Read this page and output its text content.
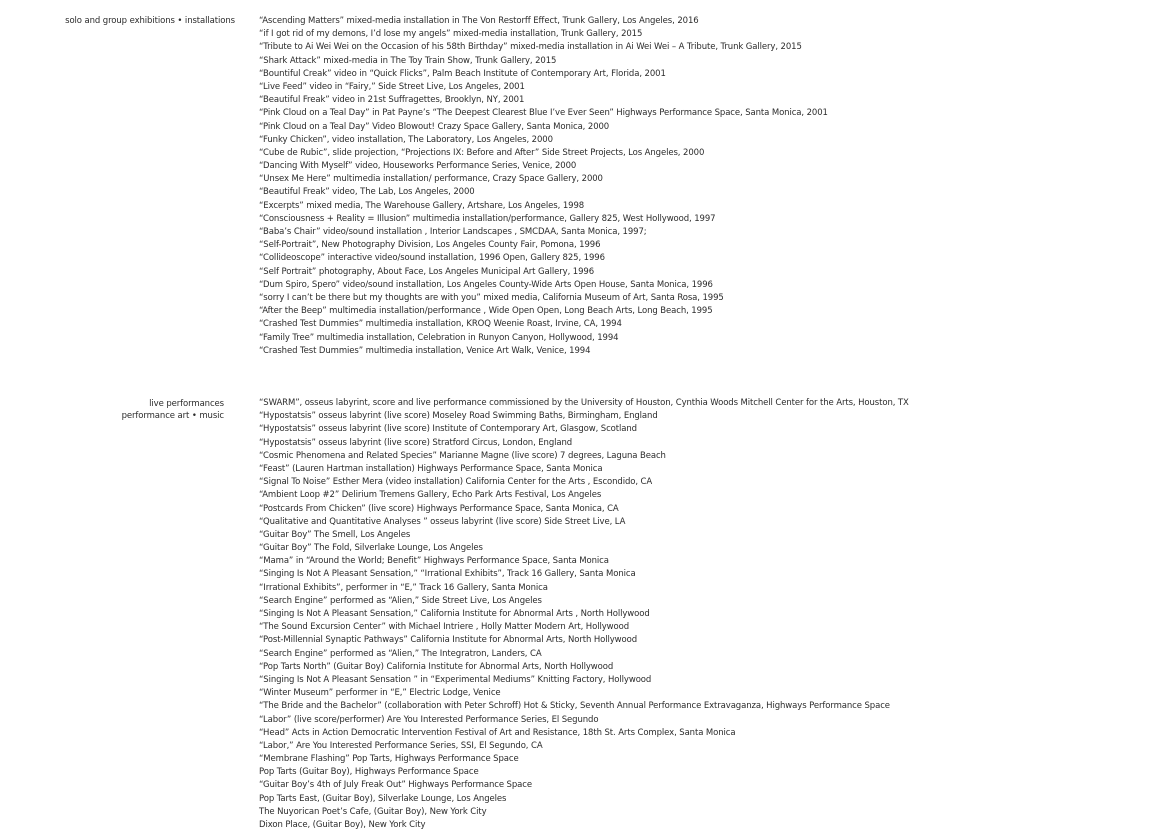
solo and group exhibitions • installations	“Ascending Matters” mixed-media installation in The Von Restorff Effect, Trunk Gallery, Los Angeles, 2016
“if I got rid of my demons, I’d lose my angels” mixed-media installation, Trunk Gallery, 2015
“Tribute to Ai Wei Wei on the Occasion of his 58th Birthday” mixed-media installation in Ai Wei Wei – A Tribute, Trunk Gallery, 2015
“Shark Attack” mixed-media in The Toy Train Show, Trunk Gallery, 2015
“Bountiful Creak” video in “Quick Flicks”, Palm Beach Institute of Contemporary Art, Florida, 2001
“Live Feed” video in “Fairy,” Side Street Live, Los Angeles, 2001
“Beautiful Freak” video in 21st Suffragettes, Brooklyn, NY, 2001
“Pink Cloud on a Teal Day” in Pat Payne’s “The Deepest Clearest Blue I’ve Ever Seen” Highways Performance Space, Santa Monica, 2001
“Pink Cloud on a Teal Day” Video Blowout! Crazy Space Gallery, Santa Monica, 2000
“Funky Chicken”, video installation, The Laboratory, Los Angeles, 2000
“Cube de Rubic”, slide projection, “Projections IX: Before and After” Side Street Projects, Los Angeles, 2000
“Dancing With Myself” video, Houseworks Performance Series, Venice, 2000
“Unsex Me Here” multimedia installation/ performance, Crazy Space Gallery, 2000
“Beautiful Freak” video, The Lab, Los Angeles, 2000
“Excerpts” mixed media, The Warehouse Gallery, Artshare, Los Angeles, 1998
“Consciousness + Reality = Illusion” multimedia installation/performance, Gallery 825, West Hollywood, 1997
“Baba’s Chair” video/sound installation , Interior Landscapes , SMCDAA, Santa Monica, 1997;
“Self-Portrait”, New Photography Division, Los Angeles County Fair, Pomona, 1996
“Collideoscope” interactive video/sound installation, 1996 Open, Gallery 825, 1996
“Self Portrait” photography, About Face, Los Angeles Municipal Art Gallery, 1996
“Dum Spiro, Spero” video/sound installation, Los Angeles County-Wide Arts Open House, Santa Monica, 1996
“sorry I can’t be there but my thoughts are with you” mixed media, California Museum of Art, Santa Rosa, 1995
“After the Beep” multimedia installation/performance , Wide Open Open, Long Beach Arts, Long Beach, 1995
“Crashed Test Dummies” multimedia installation, KROQ Weenie Roast, Irvine, CA, 1994
“Family Tree” multimedia installation, Celebration in Runyon Canyon, Hollywood, 1994
“Crashed Test Dummies” multimedia installation, Venice Art Walk, Venice, 1994
live performances
performance art • music
“SWARM”, osseus labyrint, score and live performance commissioned by the University of Houston, Cynthia Woods Mitchell Center for the Arts, Houston, TX
“Hypostatsis” osseus labyrint (live score) Moseley Road Swimming Baths, Birmingham, England
“Hypostatsis” osseus labyrint (live score) Institute of Contemporary Art, Glasgow, Scotland
“Hypostatsis” osseus labyrint (live score) Stratford Circus, London, England
“Cosmic Phenomena and Related Species” Marianne Magne (live score) 7 degrees, Laguna Beach
“Feast” (Lauren Hartman installation) Highways Performance Space, Santa Monica
“Signal To Noise” Esther Mera (video installation) California Center for the Arts , Escondido, CA
“Ambient Loop #2” Delirium Tremens Gallery, Echo Park Arts Festival, Los Angeles
“Postcards From Chicken” (live score) Highways Performance Space, Santa Monica, CA
“Qualitative and Quantitative Analyses ” osseus labyrint (live score) Side Street Live, LA
“Guitar Boy” The Smell, Los Angeles
“Guitar Boy” The Fold, Silverlake Lounge, Los Angeles
“Mama” in “Around the World; Benefit” Highways Performance Space, Santa Monica
“Singing Is Not A Pleasant Sensation,” “Irrational Exhibits”, Track 16 Gallery, Santa Monica
“Irrational Exhibits”, performer in “E,” Track 16 Gallery, Santa Monica
“Search Engine” performed as “Alien,” Side Street Live, Los Angeles
“Singing Is Not A Pleasant Sensation,” California Institute for Abnormal Arts , North Hollywood
“The Sound Excursion Center” with Michael Intriere , Holly Matter Modern Art, Hollywood
“Post-Millennial Synaptic Pathways” California Institute for Abnormal Arts, North Hollywood
“Search Engine” performed as “Alien,” The Integratron, Landers, CA
“Pop Tarts North” (Guitar Boy) California Institute for Abnormal Arts, North Hollywood
“Singing Is Not A Pleasant Sensation ” in “Experimental Mediums” Knitting Factory, Hollywood
“Winter Museum” performer in “E,” Electric Lodge, Venice
“The Bride and the Bachelor” (collaboration with Peter Schroff) Hot & Sticky, Seventh Annual Performance Extravaganza, Highways Performance Space
“Labor” (live score/performer) Are You Interested Performance Series, El Segundo
“Head” Acts in Action Democratic Intervention Festival of Art and Resistance, 18th St. Arts Complex, Santa Monica
“Labor,” Are You Interested Performance Series, SSI, El Segundo, CA
“Membrane Flashing” Pop Tarts, Highways Performance Space
Pop Tarts (Guitar Boy), Highways Performance Space
“Guitar Boy’s 4th of July Freak Out” Highways Performance Space
Pop Tarts East, (Guitar Boy), Silverlake Lounge, Los Angeles
The Nuyorican Poet’s Cafe, (Guitar Boy), New York City
Dixon Place, (Guitar Boy), New York City
